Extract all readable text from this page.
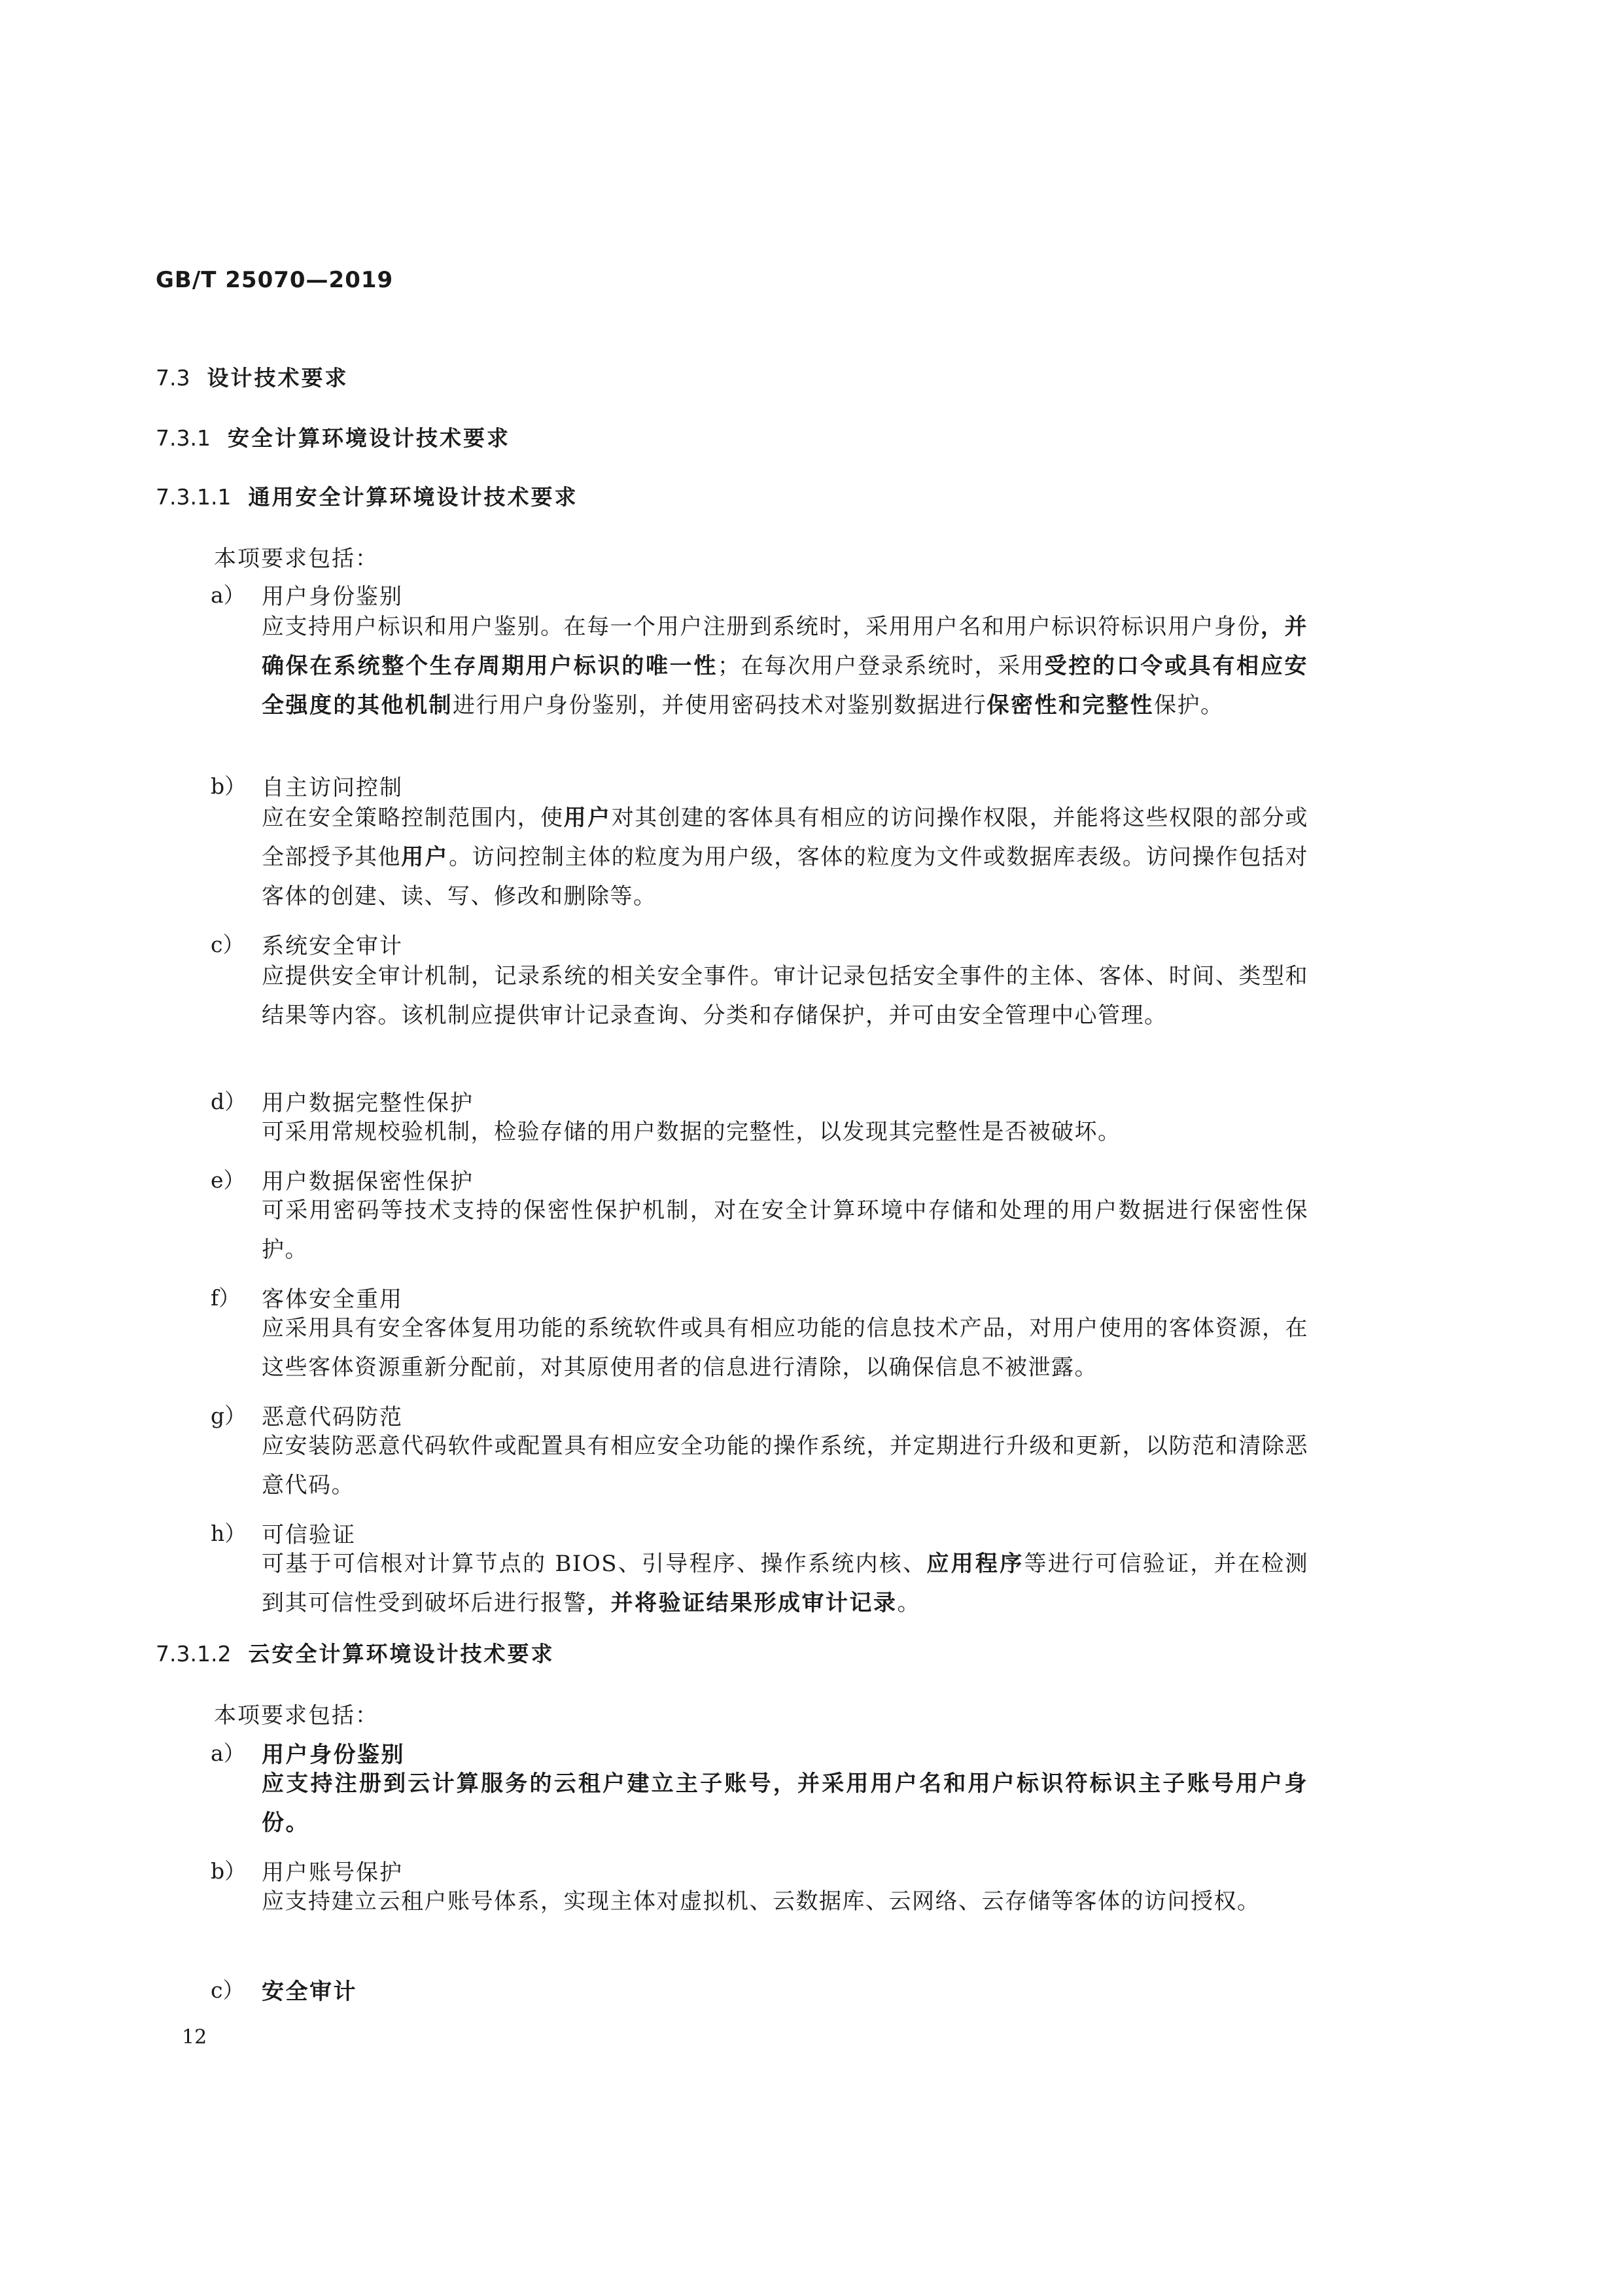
GB/T 25070—2019
7.3 设计技术要求
7.3.1 安全计算环境设计技术要求
7.3.1.1 通用安全计算环境设计技术要求
本项要求包括：
a） 用户身份鉴别
应支持用户标识和用户鉴别。在每一个用户注册到系统时，采用用户名和用户标识符标识用户身份，并确保在系统整个生存周期用户标识的唯一性；在每次用户登录系统时，采用受控的口令或具有相应安全强度的其他机制进行用户身份鉴别，并使用密码技术对鉴别数据进行保密性和完整性保护。
b） 自主访问控制
应在安全策略控制范围内，使用户对其创建的客体具有相应的访问操作权限，并能将这些权限的部分或全部授予其他用户。访问控制主体的粒度为用户级，客体的粒度为文件或数据库表级。访问操作包括对客体的创建、读、写、修改和删除等。
c） 系统安全审计
应提供安全审计机制，记录系统的相关安全事件。审计记录包括安全事件的主体、客体、时间、类型和结果等内容。该机制应提供审计记录查询、分类和存储保护，并可由安全管理中心管理。
d） 用户数据完整性保护
可采用常规校验机制，检验存储的用户数据的完整性，以发现其完整性是否被破坏。
e） 用户数据保密性保护
可采用密码等技术支持的保密性保护机制，对在安全计算环境中存储和处理的用户数据进行保密性保护。
f） 客体安全重用
应采用具有安全客体复用功能的系统软件或具有相应功能的信息技术产品，对用户使用的客体资源，在这些客体资源重新分配前，对其原使用者的信息进行清除，以确保信息不被泄露。
g） 恶意代码防范
应安装防恶意代码软件或配置具有相应安全功能的操作系统，并定期进行升级和更新，以防范和清除恶意代码。
h） 可信验证
可基于可信根对计算节点的 BIOS、引导程序、操作系统内核、应用程序等进行可信验证，并在检测到其可信性受到破坏后进行报警，并将验证结果形成审计记录。
7.3.1.2 云安全计算环境设计技术要求
本项要求包括：
a） 用户身份鉴别
应支持注册到云计算服务的云租户建立主子账号，并采用用户名和用户标识符标识主子账号用户身份。
b） 用户账号保护
应支持建立云租户账号体系，实现主体对虚拟机、云数据库、云网络、云存储等客体的访问授权。
c） 安全审计
12
